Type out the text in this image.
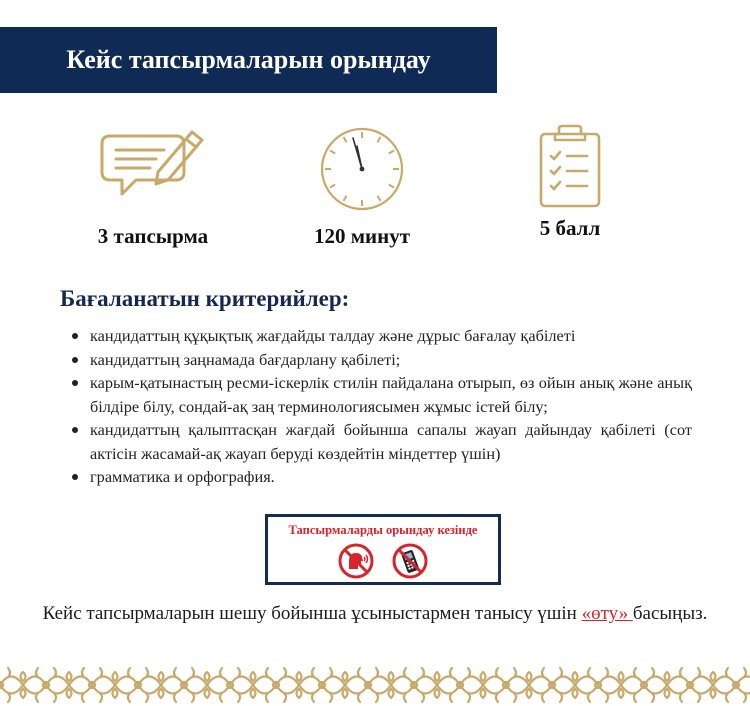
Кейс тапсырмаларын орындау
3 тапсырма	120 минут	5 балл
Бағаланатын критерийлер:
кандидаттың құқықтық жағдайды талдау және дұрыс бағалау қабілеті
кандидаттың заңнамада бағдарлану қабілеті;
карым-қатынастың ресми-іскерлік стилін пайдалана отырып, өз ойын анық және анық білдіре білу, сондай-ақ заң терминологиясымен жұмыс істей білу;
кандидаттың қалыптасқан жағдай бойынша сапалы жауап дайындау қабілеті (сот актісін жасамай-ақ жауап беруді көздейтін міндеттер үшін)
грамматика и орфография.
Тапсырмаларды орындау кезінде

Кейс тапсырмаларын шешу бойынша ұсыныстармен танысу үшін «өту» басыңыз.
